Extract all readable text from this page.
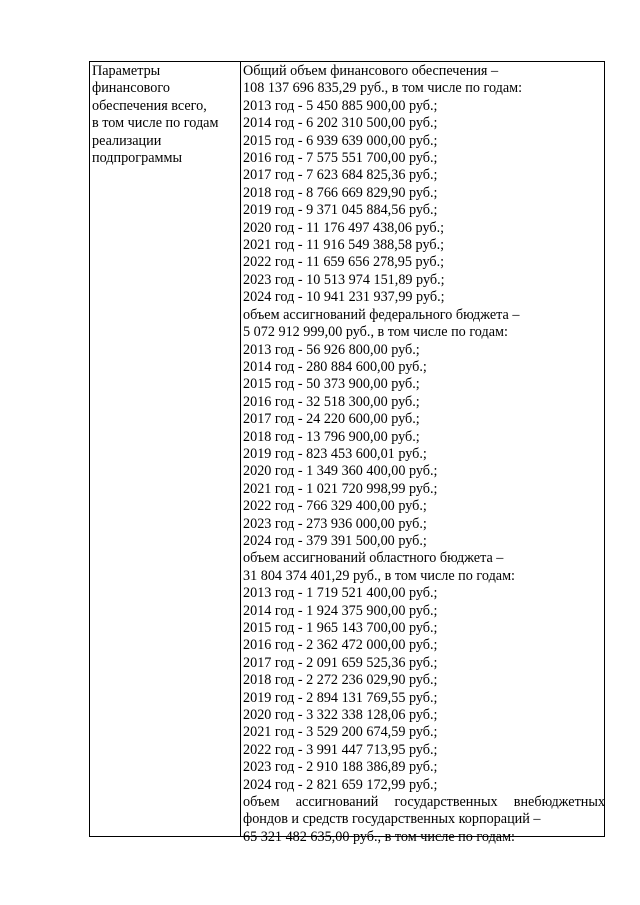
Параметры
финансового
обеспечения всего,
в том числе по годам
реализации
подпрограммы
Общий объем финансового обеспечения –
108 137 696 835,29 руб., в том числе по годам:
2013 год - 5 450 885 900,00 руб.;
2014 год - 6 202 310 500,00 руб.;
2015 год - 6 939 639 000,00 руб.;
2016 год - 7 575 551 700,00 руб.;
2017 год - 7 623 684 825,36 руб.;
2018 год - 8 766 669 829,90 руб.;
2019 год - 9 371 045 884,56 руб.;
2020 год - 11 176 497 438,06 руб.;
2021 год - 11 916 549 388,58 руб.;
2022 год - 11 659 656 278,95 руб.;
2023 год - 10 513 974 151,89 руб.;
2024 год - 10 941 231 937,99 руб.;
объем ассигнований федерального бюджета –
5 072 912 999,00 руб., в том числе по годам:
2013 год - 56 926 800,00 руб.;
2014 год - 280 884 600,00 руб.;
2015 год - 50 373 900,00 руб.;
2016 год - 32 518 300,00 руб.;
2017 год - 24 220 600,00 руб.;
2018 год - 13 796 900,00 руб.;
2019 год - 823 453 600,01 руб.;
2020 год - 1 349 360 400,00 руб.;
2021 год - 1 021 720 998,99 руб.;
2022 год - 766 329 400,00 руб.;
2023 год - 273 936 000,00 руб.;
2024 год - 379 391 500,00 руб.;
объем ассигнований областного бюджета –
31 804 374 401,29 руб., в том числе по годам:
2013 год - 1 719 521 400,00 руб.;
2014 год - 1 924 375 900,00 руб.;
2015 год - 1 965 143 700,00 руб.;
2016 год - 2 362 472 000,00 руб.;
2017 год - 2 091 659 525,36 руб.;
2018 год - 2 272 236 029,90 руб.;
2019 год - 2 894 131 769,55 руб.;
2020 год - 3 322 338 128,06 руб.;
2021 год - 3 529 200 674,59 руб.;
2022 год - 3 991 447 713,95 руб.;
2023 год - 2 910 188 386,89 руб.;
2024 год - 2 821 659 172,99 руб.;
объем ассигнований государственных внебюджетных
фондов и средств государственных корпораций –
65 321 482 635,00 руб., в том числе по годам:
